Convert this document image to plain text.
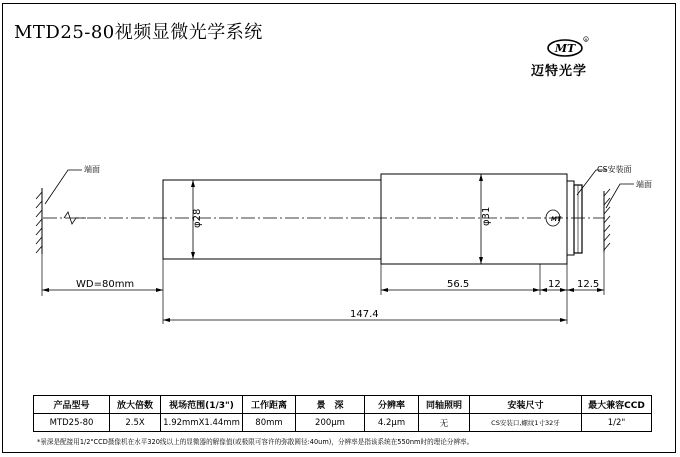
MTD25-80视频显微光学系统
MT
R
迈特光学
端面
端面
CS安装面
φ28	φ31	MT
WD=80mm	56.5	12 12.5
147.4
产品型号	放大倍数	视场范围(1/3")	工作距离	景　深	分辨率	同轴照明	安装尺寸	最大兼容CCD
MTD25-80	2.5X	1.92mmX1.44mm	80mm	200μm	4.2μm	无	CS安装口,螺纹1寸32牙	1/2"
*景深是配接用1/2"CCD摄像机在水平320线以上的显微器的解像值(或极限可容许的弥散圆径:40um)，分辨率是指该系统在550nm时的理论分辨率。
